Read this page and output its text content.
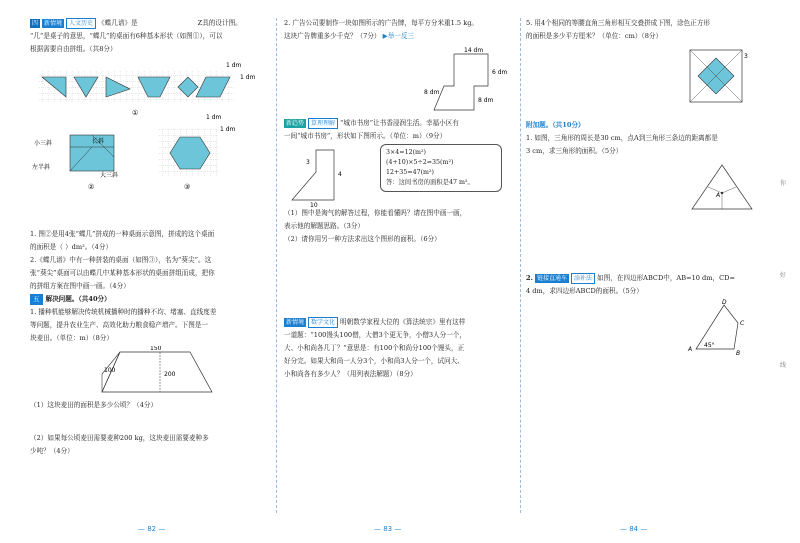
四 新情境 人文历史 《蝶几谱》是	Z具的设计图。

“几”是桌子的意思，“蝶几”的桌面有6种基本形状（如图①），可以

根据需要自由拼组。（共8分）

1 dm
1 dm
①
小三斜	长斜
左半斜
大三斜
②
1 dm
1 dm
③

1. 图②是用4张“蝶几”拼成的一种桌面示意图，拼成的这个桌面

的面积是（ ）dm²。（4分）

2.《蝶几谱》中有一种拼装的桌面（如图③），名为“葵尖”。这

张“葵尖”桌面可以由蝶几中某种基本形状的桌面拼组而成，把你

的拼组方案在图中画一画。（4分）

五 解决问题。（共40分）

1. 播种机能够解决传统机械播种时的播种不均、堵塞、直线度差

等问题，提升农业生产、高效化助力粮食稳产增产。下图是一

块麦田。（单位：m）（8分）

150
200
100

（1）这块麦田的面积是多少公顷？（4分）

（2）如果每公顷麦田需要麦种200 kg，这块麦田需要麦种多

少吨？（4分）

— 82 —

2. 广告公司要制作一块如图所示的广告牌，每平方分米重1.5 kg。

这块广告牌重多少千克？（7分） ▶举一反三

14 dm
8 dm
6 dm
8 dm

新趋势 算理理解 “城市书房”让书香浸润生活。幸福小区有

一间“城市书房”，形状如下图所示。（单位：m）（9分）

3
4
10
3×4=12(m²)
(4+10)×5÷2=35(m²)
12+35=47(m²)
答：这间书房的面积是47 m²。

（1）图中是淘气的解答过程，你能看懂吗？请在图中画一画，

表示他的解题思路。（3分）

（2）请你用另一种方法求出这个图形的面积。（6分）

新情境 数学文化 明朝数学家程大位的《算法统宗》里有这样

一道题：“100馒头100僧，大僧3个更无争，小僧3人分一个，

大、小和尚各几丁？”意思是：有100个和尚分100个馒头，正

好分完。如果大和尚一人分3个，小和尚3人分一个，试问大、

小和尚各有多少人？（用列表法解题）（8分）

— 83 —

5. 用4个相同的等腰直角三角形相互交叠拼成下图，涂色正方形

的面积是多少平方厘米？（单位：cm）（8分）

3

附加题。（共10分）

1. 如图，三角形的周长是30 cm，点A到三角形三条边的距离都是

3 cm，求三角形的面积。（5分）

A

2. 链接直通车 添补法 如图，在四边形ABCD中，AB=10 dm，CD=

4 dm，求四边形ABCD的面积。（5分）

A
B
C
D
45°
— 84 —
你
好
线
